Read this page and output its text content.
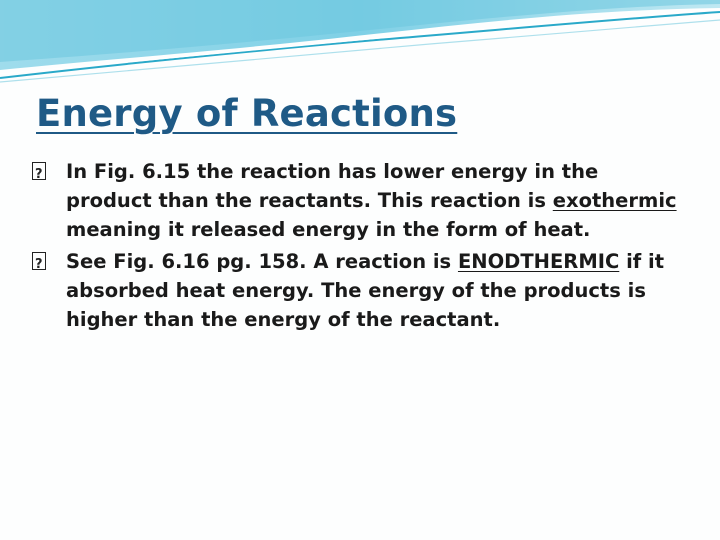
Energy of Reactions

?
In Fig. 6.15 the reaction has lower energy in the product than the reactants. This reaction is exothermic meaning it released energy in the form of heat.

?
See Fig. 6.16 pg. 158. A reaction is ENODTHERMIC if it absorbed heat energy. The energy of the products is higher than the energy of the reactant.
